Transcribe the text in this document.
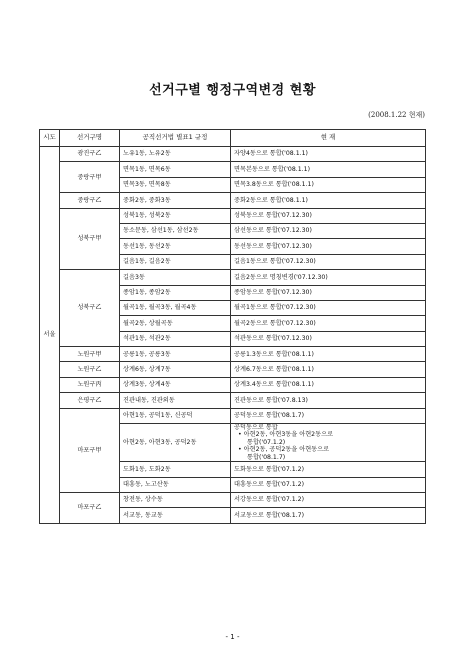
선거구별 행정구역변경 현황
(2008.1.22 현재)
시도	선거구명	공직선거법 별표1 규정	현 재
서울	광진구乙	노유1동, 노유2동	자양4동으로 통합('08.1.1)
	중랑구甲	면목1동, 면목6동	면목본동으로 통합('08.1.1)
		면목3동, 면목8동	면목3.8동으로 통합('08.1.1)
	중랑구乙	중화2동, 중화3동	중화2동으로 통합('08.1.1)
	성북구甲	성북1동, 성북2동	성북동으로 통합('07.12.30)
		동소문동, 삼선1동, 삼선2동	삼선동으로 통합('07.12.30)
		동선1동, 동선2동	동선동으로 통합('07.12.30)
		길음1동, 길음2동	길음1동으로 통합('07.12.30)
	성북구乙	길음3동	길음2동으로 명칭변경('07.12.30)
		종암1동, 종암2동	종암동으로 통합('07.12.30)
		월곡1동, 월곡3동, 월곡4동	월곡1동으로 통합('07.12.30)
		월곡2동, 상월곡동	월곡2동으로 통합('07.12.30)
		석관1동, 석관2동	석관동으로 통합('07.12.30)
	노원구甲	공릉1동, 공릉3동	공릉1.3동으로 통합('08.1.1)
	노원구乙	상계6동, 상계7동	상계6.7동으로 통합('08.1.1)
	노원구丙	상계3동, 상계4동	상계3.4동으로 통합('08.1.1)
	은평구乙	진관내동, 진관외동	진관동으로 통합('07.8.13)
	마포구甲	아현1동, 공덕1동, 신공덕	공덕동으로 통합('08.1.7)
		아현2동, 아현3동, 공덕2동	공덕동으로 통합
• 아현2동, 아현3동을 아현2동으로
통합('07.1.2)
• 아현2동, 공덕2동을 아현동으로
통합('08.1.7)

		도화1동, 도화2동	도화동으로 통합('07.1.2)
		대흥동, 노고산동	대흥동으로 통합('07.1.2)
	마포구乙	창전동, 상수동	서강동으로 통합('07.1.2)
		서교동, 동교동	서교동으로 통합('08.1.7)
- 1 -
